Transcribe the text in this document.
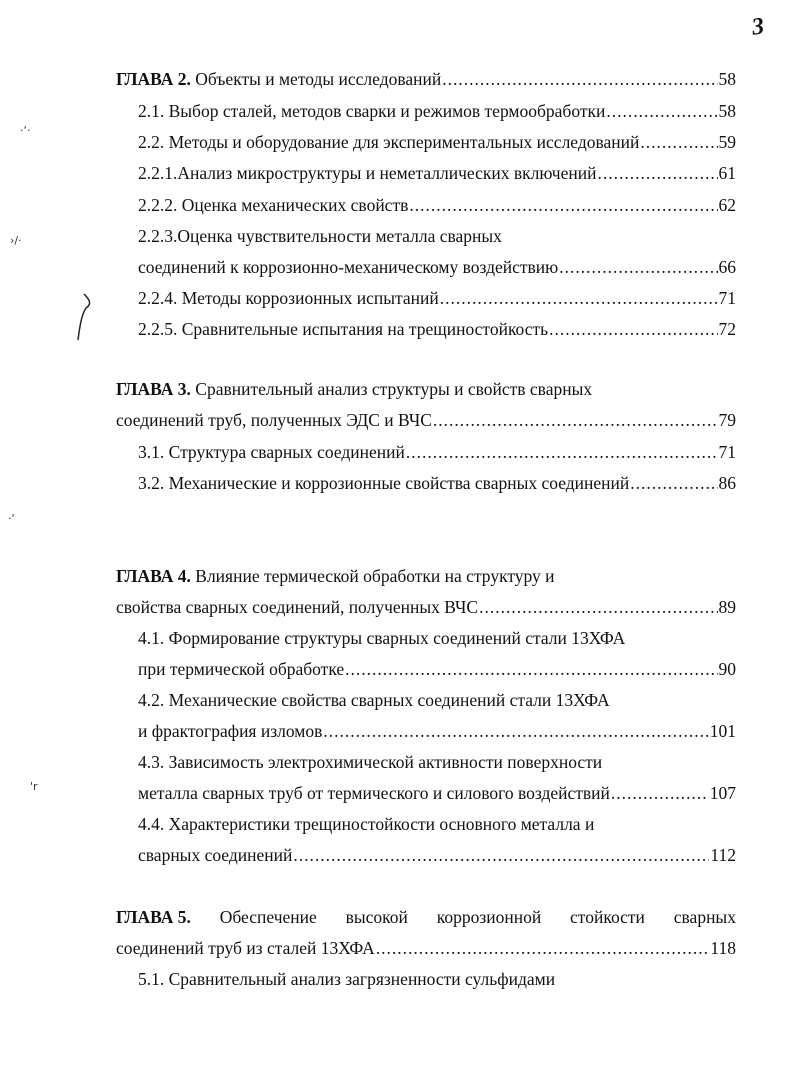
3
·‘·
›/·
ГЛАВА 2. Объекты и методы исследований .....	58
2.1. Выбор сталей, методов сварки и режимов термообработки .....	58
2.2. Методы и оборудование для экспериментальных исследований .....	59
2.2.1.Анализ микроструктуры и неметаллических включений .....	61
2.2.2. Оценка механических свойств .....	62
2.2.3.Оценка чувствительности металла сварных
соединений к коррозионно-механическому воздействию .....	66
2.2.4. Методы коррозионных испытаний .....	71
2.2.5. Сравнительные испытания на трещиностойкость .....	72
ГЛАВА 3. Сравнительный анализ структуры и свойств сварных
соединений труб, полученных ЭДС и ВЧС .....	79
3.1. Структура сварных соединений .....	71
3.2. Механические и коррозионные свойства сварных соединений .....	86
·'
ГЛАВА 4. Влияние термической обработки на структуру и
свойства сварных соединений, полученных ВЧС .....	89
4.1. Формирование структуры сварных соединений стали 13ХФА
при термической обработке .....	90
4.2. Механические свойства сварных соединений стали 13ХФА
и фрактография изломов .....	101
'r
4.3. Зависимость электрохимической активности поверхности
металла сварных труб от термического и силового воздействий .....	107
4.4. Характеристики трещиностойкости основного металла и
сварных соединений .....	112
ГЛАВА 5. Обеспечение высокой коррозионной стойкости сварных
соединений труб из сталей 13ХФА .....	118
5.1. Сравнительный анализ загрязненности сульфидами
